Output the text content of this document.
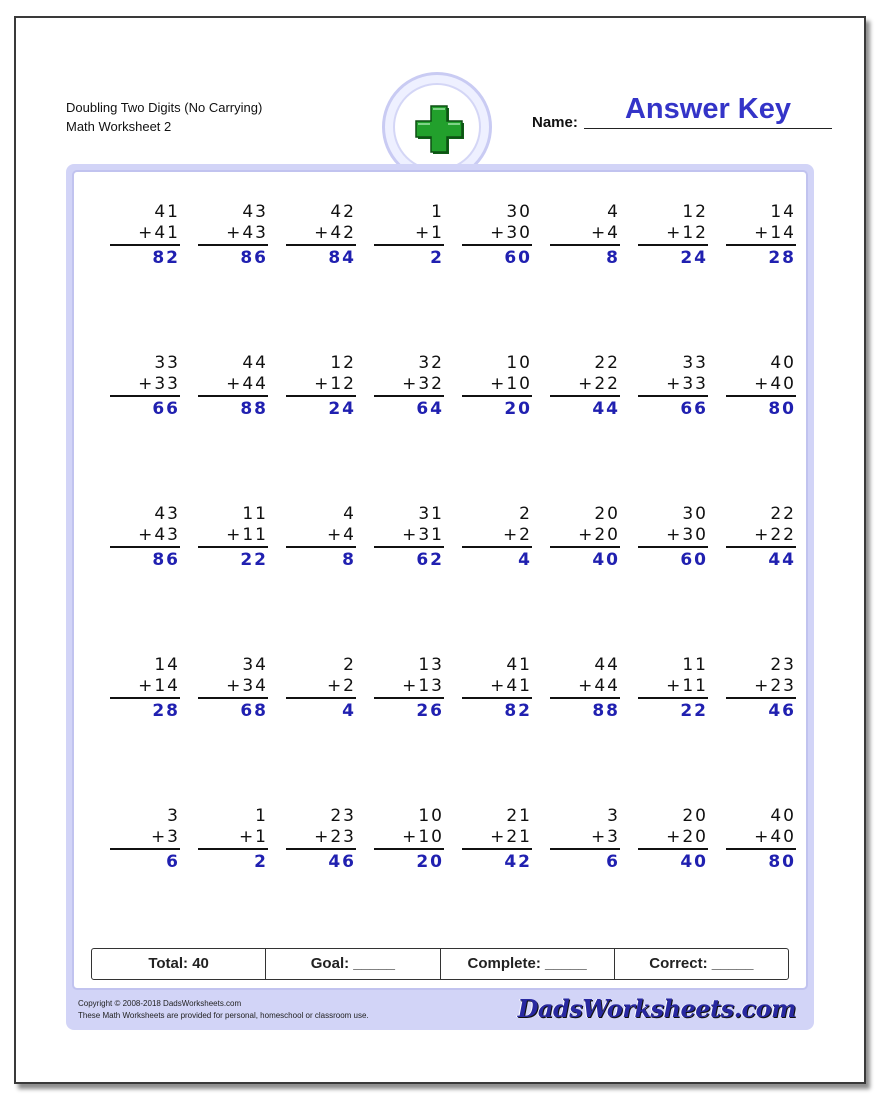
Doubling Two Digits (No Carrying)
Math Worksheet 2	Name:	Answer Key
41
+41
82
43
+43
86
42
+42
84
1
+1
2
30
+30
60
4
+4
8
12
+12
24
14
+14
28
33
+33
66
44
+44
88
12
+12
24
32
+32
64
10
+10
20
22
+22
44
33
+33
66
40
+40
80
43
+43
86
11
+11
22
4
+4
8
31
+31
62
2
+2
4
20
+20
40
30
+30
60
22
+22
44
14
+14
28
34
+34
68
2
+2
4
13
+13
26
41
+41
82
44
+44
88
11
+11
22
23
+23
46
3
+3
6
1
+1
2
23
+23
46
10
+10
20
21
+21
42
3
+3
6
20
+20
40
40
+40
80
Total: 40	Goal: _____	Complete: _____	Correct: _____
Copyright © 2008-2018 DadsWorksheets.com
These Math Worksheets are provided for personal, homeschool or classroom use.	DadsWorksheets.com
